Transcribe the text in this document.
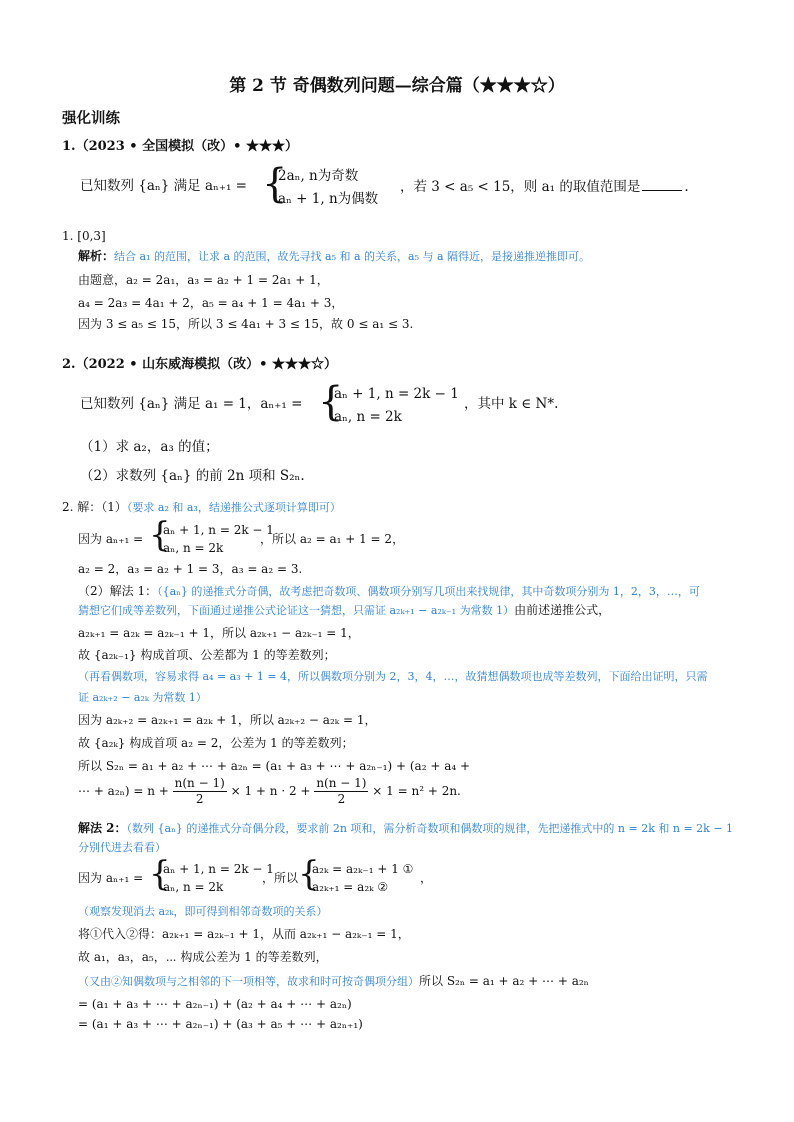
第 2 节 奇偶数列问题—综合篇（★★★☆）
强化训练
1.（2023 • 全国模拟（改）• ★★★）
已知数列 {aₙ} 满足 aₙ₊₁ = {
2aₙ, n为奇数
aₙ + 1, n为偶数
，若 3 < a₅ < 15，则 a₁ 的取值范围是	.
1. [0,3]
解析：结合 a₁ 的范围，让求 a 的范围，故先寻找 a₅ 和 a 的关系，a₅ 与 a 隔得近，是接递推逆推即可。
由题意，a₂ = 2a₁，a₃ = a₂ + 1 = 2a₁ + 1，
a₄ = 2a₃ = 4a₁ + 2，a₅ = a₄ + 1 = 4a₁ + 3，
因为 3 ≤ a₅ ≤ 15，所以 3 ≤ 4a₁ + 3 ≤ 15，故 0 ≤ a₁ ≤ 3.
2.（2022 • 山东威海模拟（改）• ★★★☆）
已知数列 {aₙ} 满足 a₁ = 1，aₙ₊₁ = {
aₙ + 1, n = 2k − 1
aₙ, n = 2k
，其中 k ∈ N*.
（1）求 a₂，a₃ 的值；
（2）求数列 {aₙ} 的前 2n 项和 S₂ₙ.
2. 解：（1）（要求 a₂ 和 a₃，结递推公式逐项计算即可）
因为 aₙ₊₁ = {
aₙ + 1, n = 2k − 1
aₙ, n = 2k
，所以 a₂ = a₁ + 1 = 2，
a₂ = 2，a₃ = a₂ + 1 = 3，a₃ = a₂ = 3.
（2）解法 1：（{aₙ} 的递推式分奇偶，故考虑把奇数项、偶数项分别写几项出来找规律，其中奇数项分别为 1，2，3，…，可
猜想它们成等差数列，下面通过递推公式论证这一猜想，只需证 a₂ₖ₊₁ − a₂ₖ₋₁ 为常数 1）由前述递推公式，
a₂ₖ₊₁ = a₂ₖ = a₂ₖ₋₁ + 1，所以 a₂ₖ₊₁ − a₂ₖ₋₁ = 1，
故 {a₂ₖ₋₁} 构成首项、公差都为 1 的等差数列；
（再看偶数项，容易求得 a₄ = a₃ + 1 = 4，所以偶数项分别为 2，3，4，…，故猜想偶数项也成等差数列，下面给出证明，只需
证 a₂ₖ₊₂ − a₂ₖ 为常数 1）
因为 a₂ₖ₊₂ = a₂ₖ₊₁ = a₂ₖ + 1，所以 a₂ₖ₊₂ − a₂ₖ = 1，
故 {a₂ₖ} 构成首项 a₂ = 2，公差为 1 的等差数列；
所以 S₂ₙ = a₁ + a₂ + ⋯ + a₂ₙ = (a₁ + a₃ + ⋯ + a₂ₙ₋₁) + (a₂ + a₄ +
⋯ + $a_{2n}) = n + \frac{n(n - 1)}{2} \times 1 + n \cdot 2 + \frac{n(n - 1)}{2} \times 1 = n^2 + 2n$.
解法 2：（数列 {aₙ} 的递推式分奇偶分段，要求前 2n 项和，需分析奇数项和偶数项的规律，先把递推式中的 n = 2k 和 n = 2k − 1
分别代进去看看）
因为 aₙ₊₁ = {
aₙ + 1, n = 2k − 1
aₙ, n = 2k
，所以 {
a₂ₖ = a₂ₖ₋₁ + 1 ①
a₂ₖ₊₁ = a₂ₖ ②
，
（观察发现消去 a₂ₖ，即可得到相邻奇数项的关系）
将①代入②得：a₂ₖ₊₁ = a₂ₖ₋₁ + 1，从而 a₂ₖ₊₁ − a₂ₖ₋₁ = 1，
故 a₁，a₃，a₅，⋯ 构成公差为 1 的等差数列，
（又由②知偶数项与之相邻的下一项相等，故求和时可按奇偶项分组）所以 S₂ₙ = a₁ + a₂ + ⋯ + a₂ₙ
= (a₁ + a₃ + ⋯ + a₂ₙ₋₁) + (a₂ + a₄ + ⋯ + a₂ₙ)
= (a₁ + a₃ + ⋯ + a₂ₙ₋₁) + (a₃ + a₅ + ⋯ + a₂ₙ₊₁)
